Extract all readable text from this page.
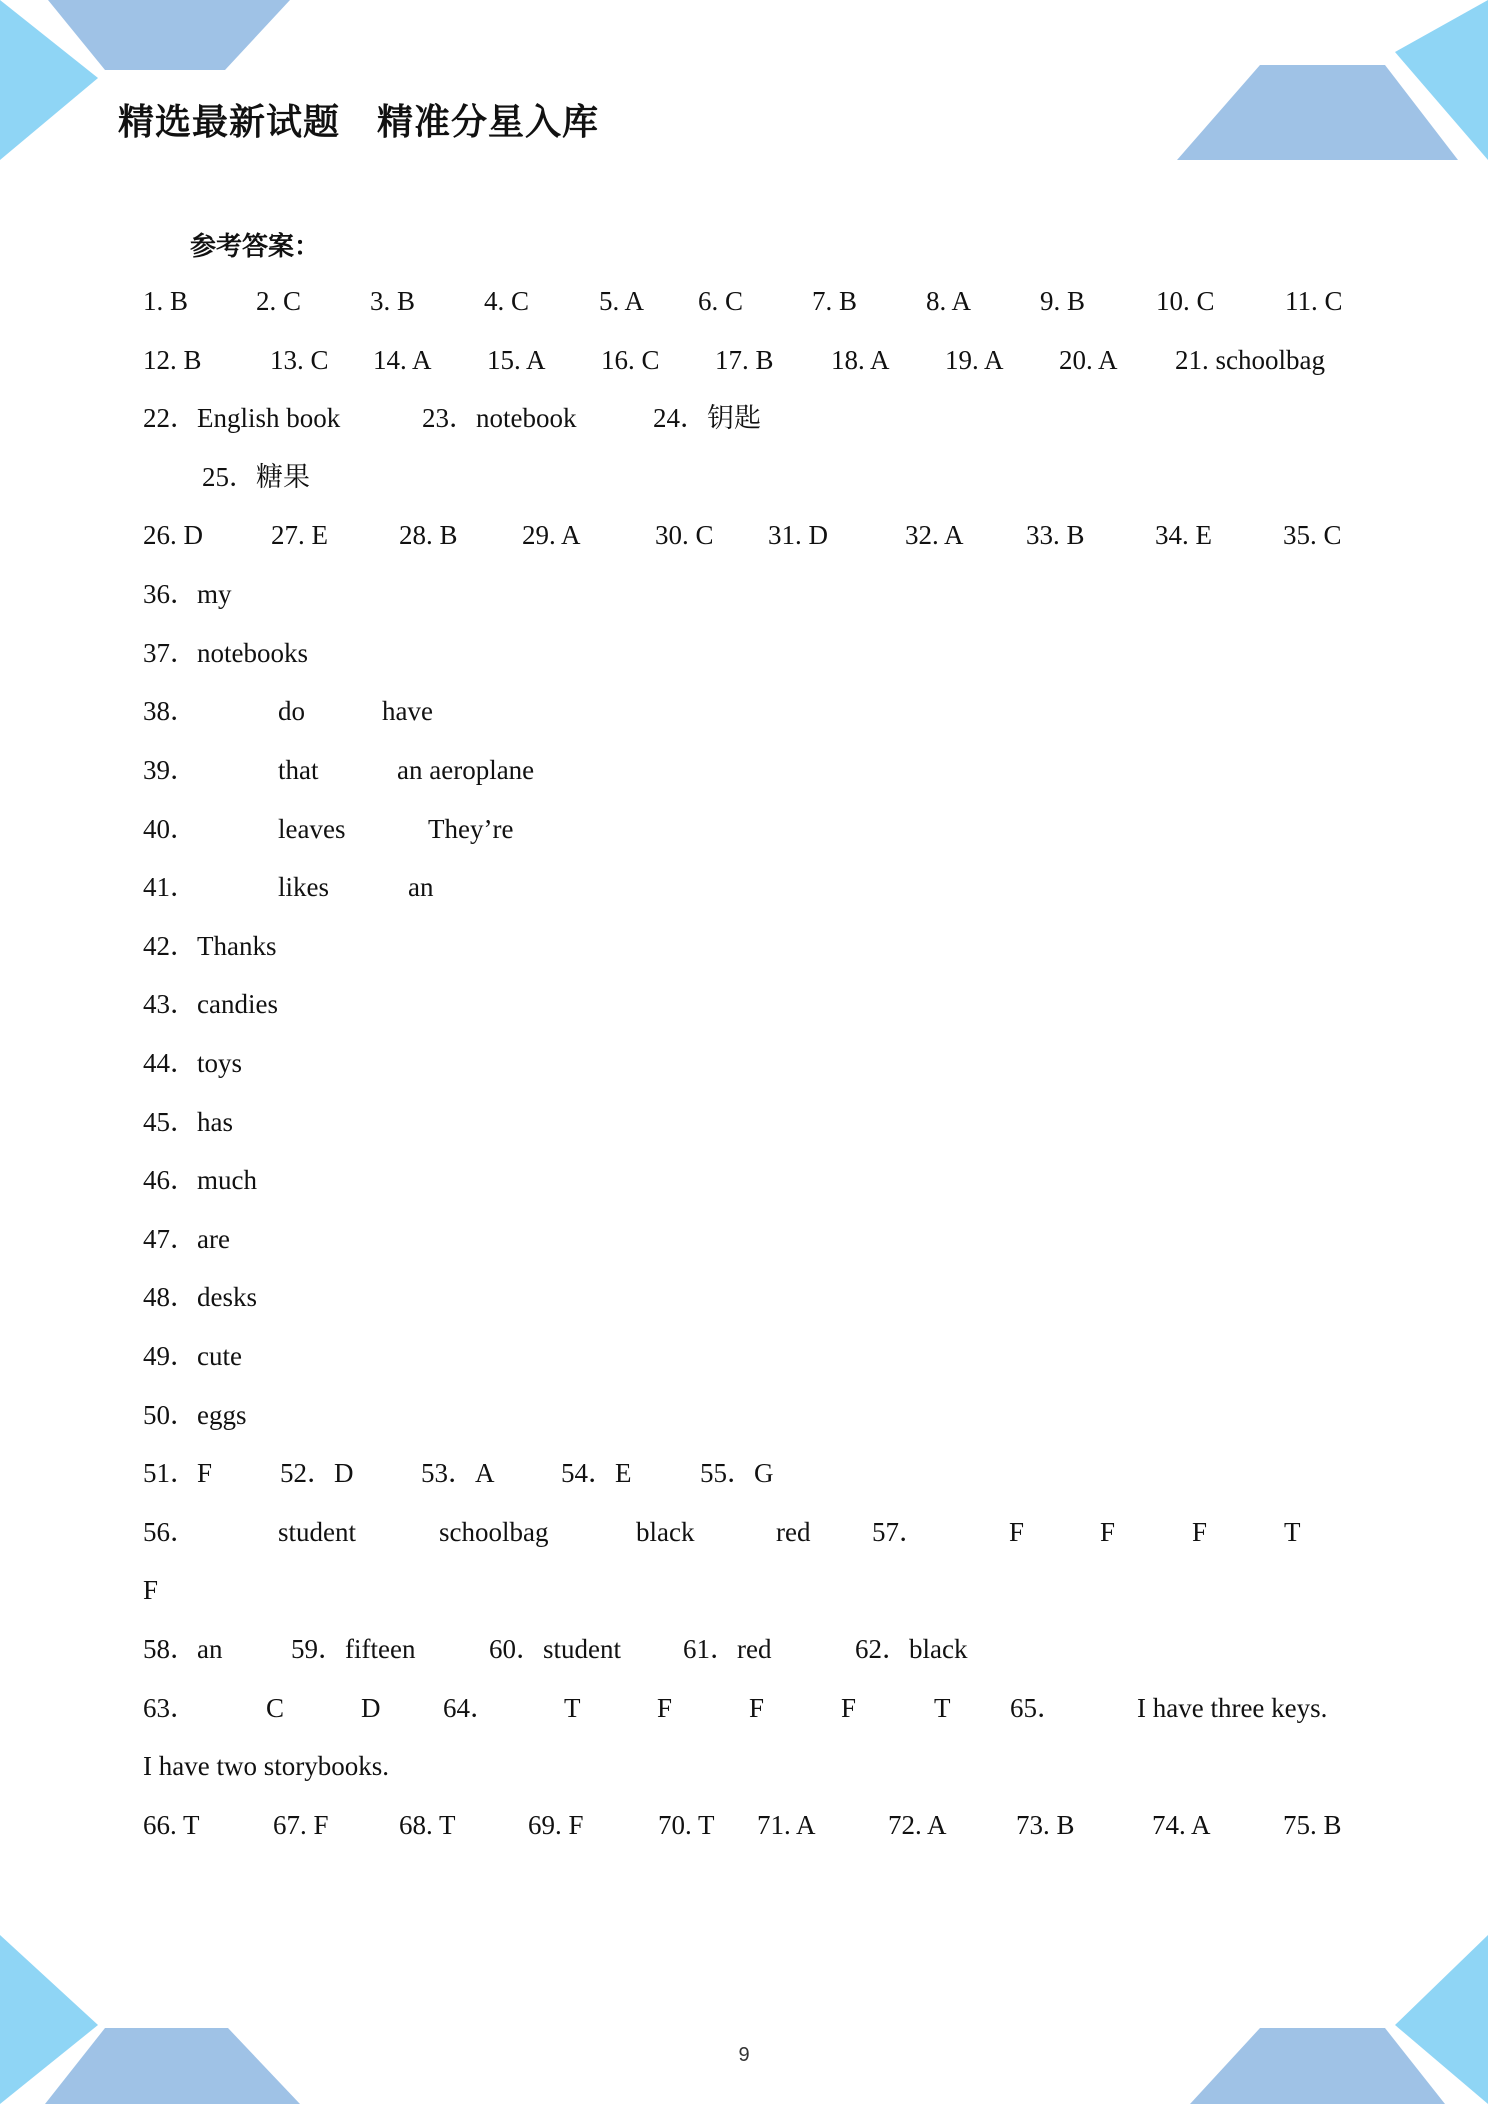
精选最新试题　精准分星入库
参考答案：
1. B	2. C	3. B	4. C	5. A 6. C	7. B	8. A	9. B	10. C	11. C
12. B	13. C 14. A 15. A 16. C 17. B 18. A 19. A 20. A 21. schoolbag
22．English book	23．notebook	24．钥匙
25．糖果
26. D	27. E	28. B 29. A	30. C 31. D	32. A 33. B	34. E	35. C
36．my
37．notebooks
38．	do	have
39．	that	an aeroplane
40．	leaves	They’re
41．	likes	an
42．Thanks
43．candies
44．toys
45．has
46．much
47．are
48．desks
49．cute
50．eggs
51．F	52．D	53．A 54．E	55．G
56．	student	schoolbag	black	red 57．	F	F	F	T
F
58．an	59．fifteen	60．student 61．red	62．black
63．	C	D 64． T	F	F	F	T 65．	I have three keys.
I have two storybooks.
66. T	67. F	68. T	69. F	70. T 71. A	72. A	73. B	74. A	75. B
9
